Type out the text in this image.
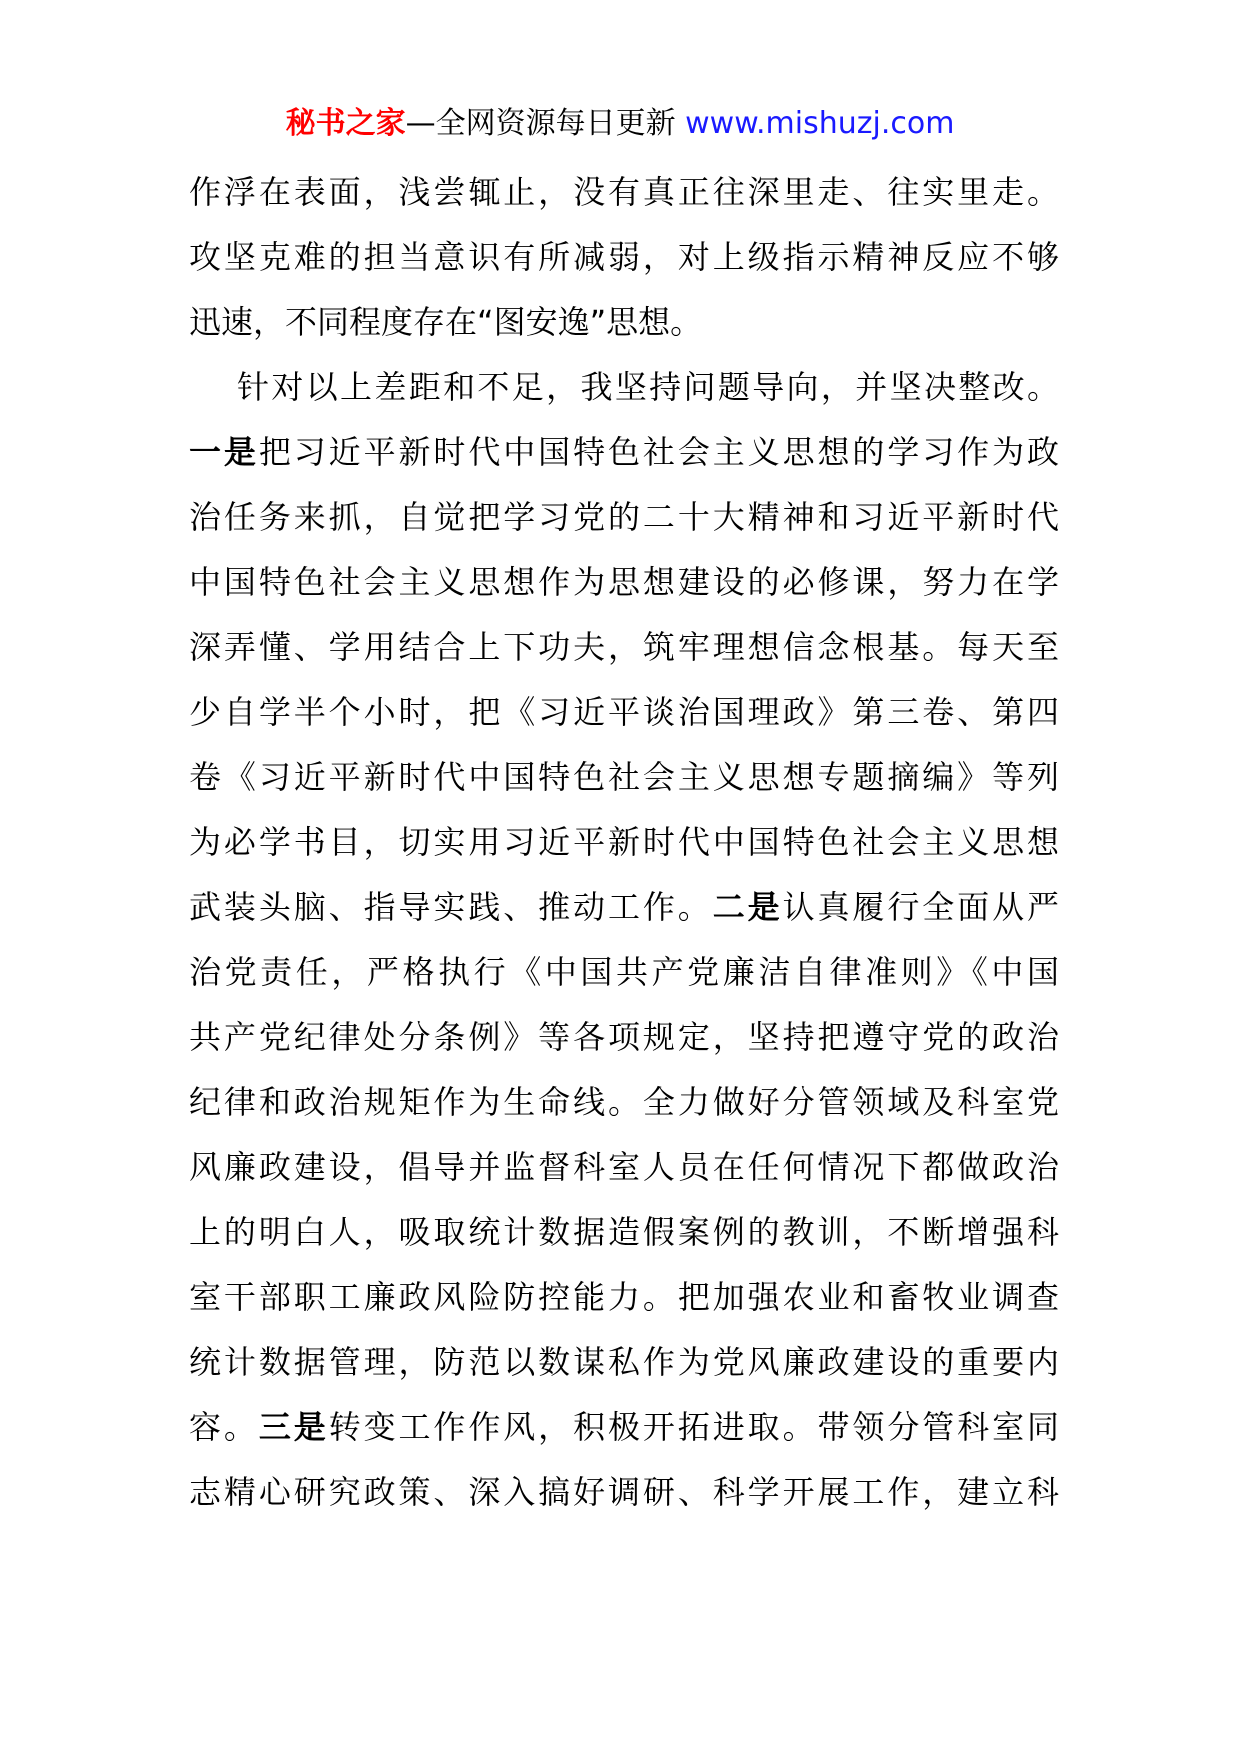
秘书之家—全网资源每日更新 www.mishuzj.com
作浮在表面，浅尝辄止，没有真正往深里走、往实里走。
攻坚克难的担当意识有所减弱，对上级指示精神反应不够
迅速，不同程度存在“图安逸”思想。
针对以上差距和不足，我坚持问题导向，并坚决整改。
一是把习近平新时代中国特色社会主义思想的学习作为政
治任务来抓，自觉把学习党的二十大精神和习近平新时代
中国特色社会主义思想作为思想建设的必修课，努力在学
深弄懂、学用结合上下功夫，筑牢理想信念根基。每天至
少自学半个小时，把《习近平谈治国理政》第三卷、第四
卷《习近平新时代中国特色社会主义思想专题摘编》等列
为必学书目，切实用习近平新时代中国特色社会主义思想
武装头脑、指导实践、推动工作。二是认真履行全面从严
治党责任，严格执行《中国共产党廉洁自律准则》《中国
共产党纪律处分条例》等各项规定，坚持把遵守党的政治
纪律和政治规矩作为生命线。全力做好分管领域及科室党
风廉政建设，倡导并监督科室人员在任何情况下都做政治
上的明白人，吸取统计数据造假案例的教训，不断增强科
室干部职工廉政风险防控能力。把加强农业和畜牧业调查
统计数据管理，防范以数谋私作为党风廉政建设的重要内
容。三是转变工作作风，积极开拓进取。带领分管科室同
志精心研究政策、深入搞好调研、科学开展工作，建立科
